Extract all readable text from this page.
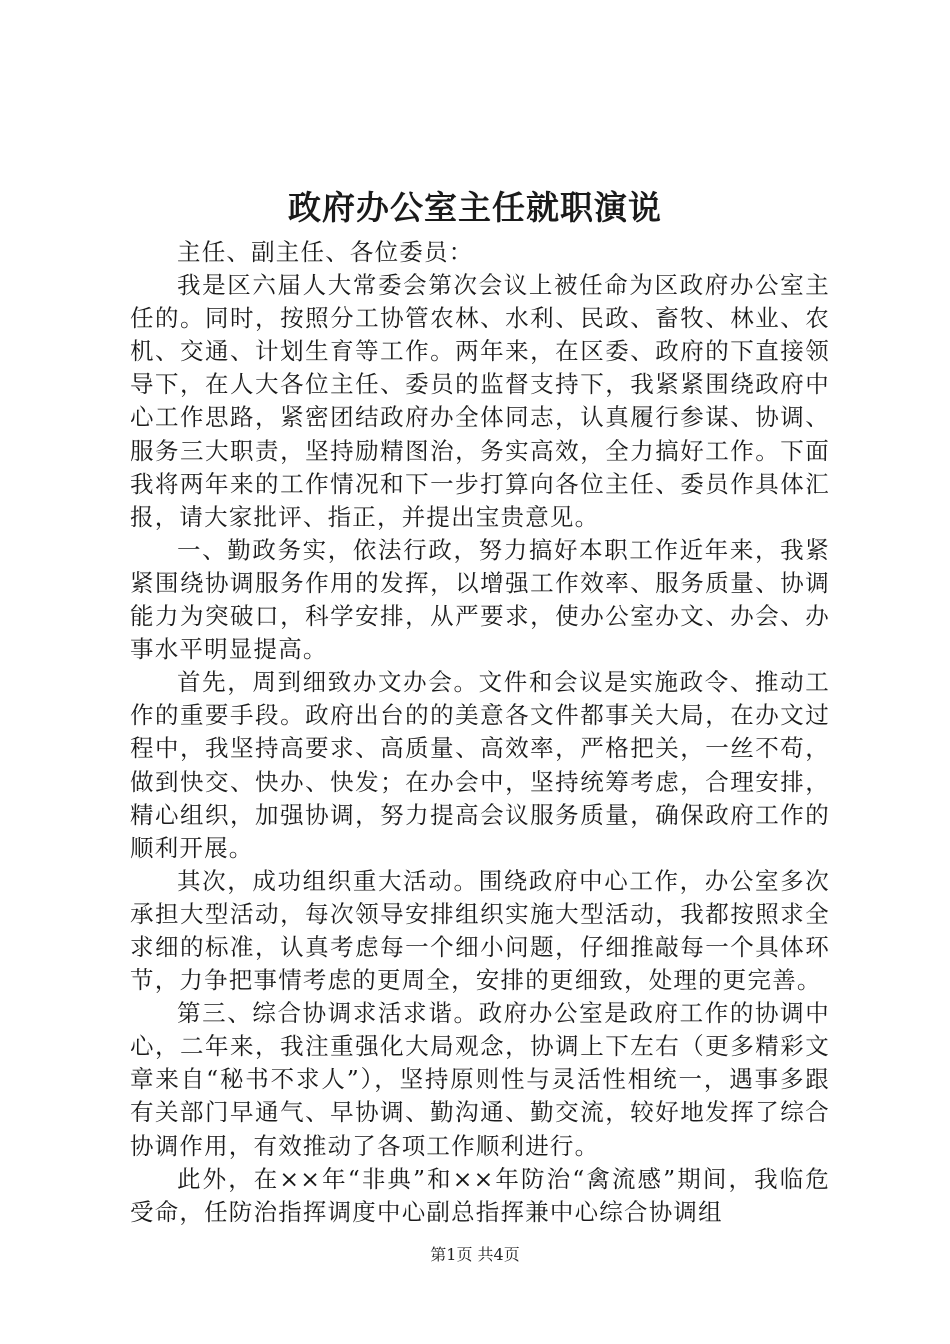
政府办公室主任就职演说

主任、副主任、各位委员：

我是区六届人大常委会第次会议上被任命为区政府办公室主任的。同时，按照分工协管农林、水利、民政、畜牧、林业、农机、交通、计划生育等工作。两年来，在区委、政府的下直接领导下，在人大各位主任、委员的监督支持下，我紧紧围绕政府中心工作思路，紧密团结政府办全体同志，认真履行参谋、协调、服务三大职责，坚持励精图治，务实高效，全力搞好工作。下面我将两年来的工作情况和下一步打算向各位主任、委员作具体汇报，请大家批评、指正，并提出宝贵意见。

一、勤政务实，依法行政，努力搞好本职工作近年来，我紧紧围绕协调服务作用的发挥，以增强工作效率、服务质量、协调能力为突破口，科学安排，从严要求，使办公室办文、办会、办事水平明显提高。

首先，周到细致办文办会。文件和会议是实施政令、推动工作的重要手段。政府出台的的美意各文件都事关大局，在办文过程中，我坚持高要求、高质量、高效率，严格把关，一丝不苟，做到快交、快办、快发；在办会中，坚持统筹考虑，合理安排，精心组织，加强协调，努力提高会议服务质量，确保政府工作的顺利开展。

其次，成功组织重大活动。围绕政府中心工作，办公室多次承担大型活动，每次领导安排组织实施大型活动，我都按照求全求细的标准，认真考虑每一个细小问题，仔细推敲每一个具体环节，力争把事情考虑的更周全，安排的更细致，处理的更完善。

第三、综合协调求活求谐。政府办公室是政府工作的协调中心，二年来，我注重强化大局观念，协调上下左右（更多精彩文章来自“秘书不求人”），坚持原则性与灵活性相统一，遇事多跟有关部门早通气、早协调、勤沟通、勤交流，较好地发挥了综合协调作用，有效推动了各项工作顺利进行。

此外，在××年“非典”和××年防治“禽流感”期间，我临危受命，任防治指挥调度中心副总指挥兼中心综合协调组

第1页 共4页
